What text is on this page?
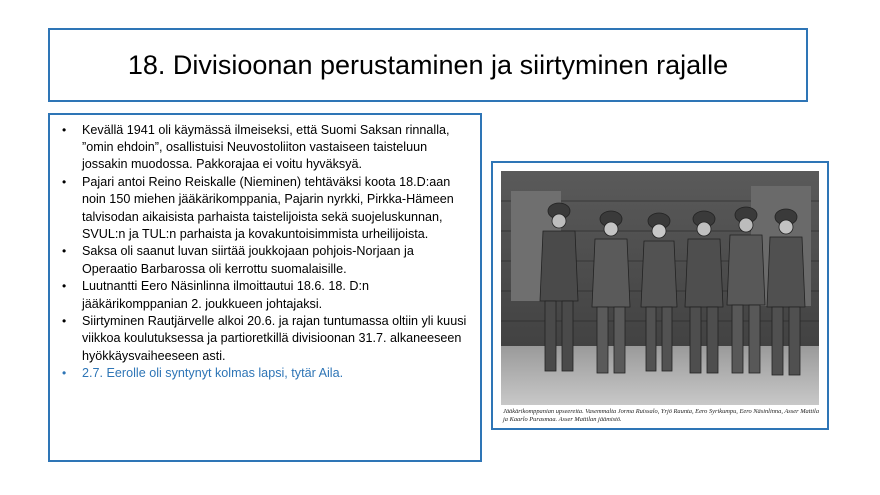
18. Divisioonan perustaminen ja siirtyminen rajalle
• Kevällä 1941 oli käymässä ilmeiseksi, että Suomi Saksan rinnalla, ”omin ehdoin”, osallistuisi Neuvostoliiton vastaiseen taisteluun jossakin muodossa. Pakkorajaa ei voitu hyväksyä.
• Pajari antoi Reino Reiskalle (Nieminen) tehtäväksi koota 18.D:aan noin 150 miehen jääkärikomppania, Pajarin nyrkki, Pirkka-Hämeen talvisodan aikaisista parhaista taistelijoista sekä suojeluskunnan, SVUL:n ja TUL:n parhaista ja kovakuntoisimmista urheilijoista.
• Saksa oli saanut luvan siirtää joukkojaan pohjois-Norjaan ja Operaatio Barbarossa oli kerrottu suomalaisille.
• Luutnantti Eero Näsinlinna ilmoittautui 18.6. 18. D:n jääkärikomppanian 2. joukkueen johtajaksi.
• Siirtyminen Rautjärvelle alkoi 20.6. ja rajan tuntumassa oltiin yli kuusi viikkoa koulutuksessa ja partioretkillä divisioonan 31.7. alkaneeseen hyökkäysvaiheeseen asti.
• 2.7. Eerolle oli syntynyt kolmas lapsi, tytär Aila.
Jääkärikomppanian upseereita. Vasemmalta Jorma Ruissalo, Yrjö Raunta, Eero Syrikumpu, Eero Näsinlinna, Asser Mattila ja Kaarlo Purasmaa. Asser Mattilan jäämistö.
